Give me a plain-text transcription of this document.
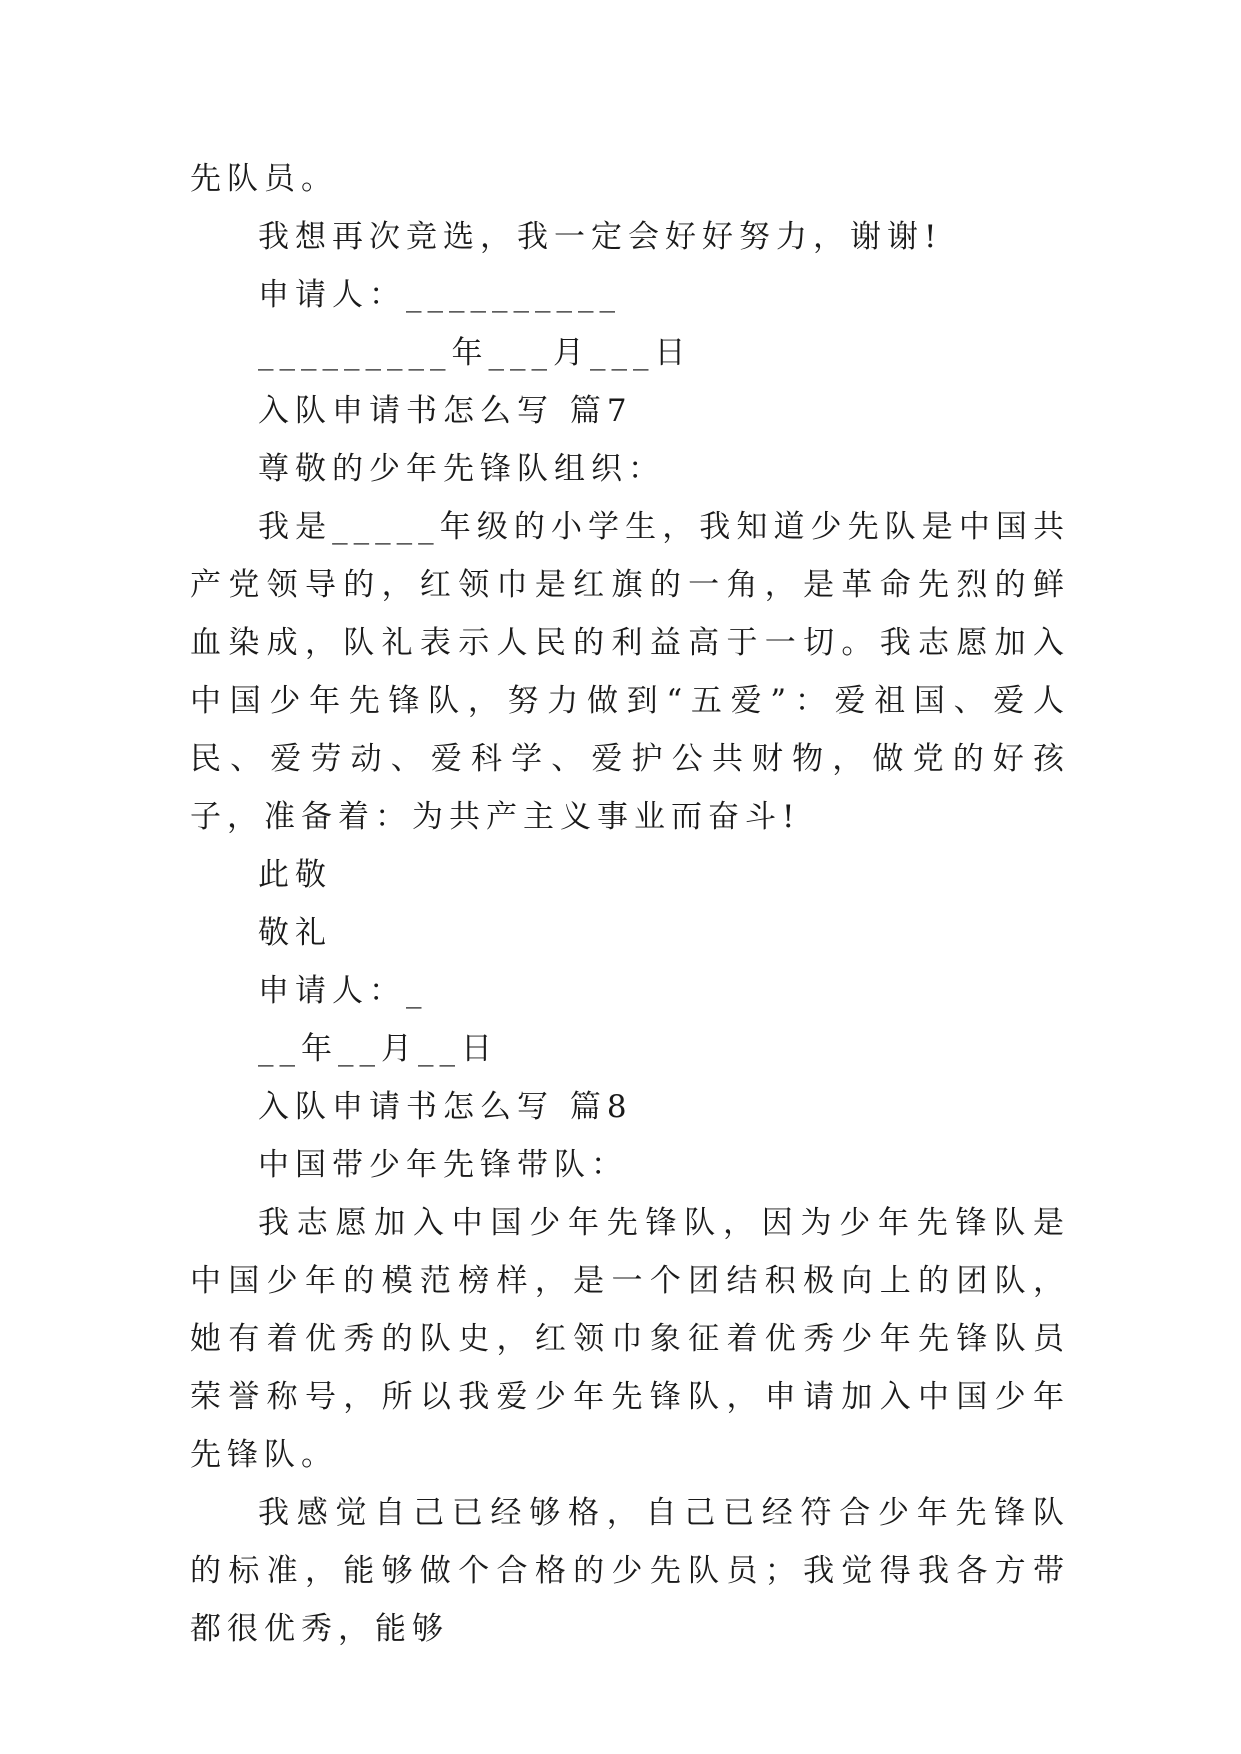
先队员。

我想再次竞选，我一定会好好努力，谢谢!

申请人：__________

_________年___月___日

入队申请书怎么写 篇7

尊敬的少年先锋队组织：

我是_____年级的小学生，我知道少先队是中国共产党领导的，红领巾是红旗的一角，是革命先烈的鲜血染成，队礼表示人民的利益高于一切。我志愿加入中国少年先锋队，努力做到“五爱”：爱祖国、爱人民、爱劳动、爱科学、爱护公共财物，做党的好孩子，准备着：为共产主义事业而奋斗!

此敬

敬礼

申请人：_

__年__月__日

入队申请书怎么写 篇8

中国带少年先锋带队：

我志愿加入中国少年先锋队，因为少年先锋队是中国少年的模范榜样，是一个团结积极向上的团队，她有着优秀的队史，红领巾象征着优秀少年先锋队员荣誉称号，所以我爱少年先锋队，申请加入中国少年先锋队。

我感觉自己已经够格，自己已经符合少年先锋队的标准，能够做个合格的少先队员；我觉得我各方带都很优秀，能够
